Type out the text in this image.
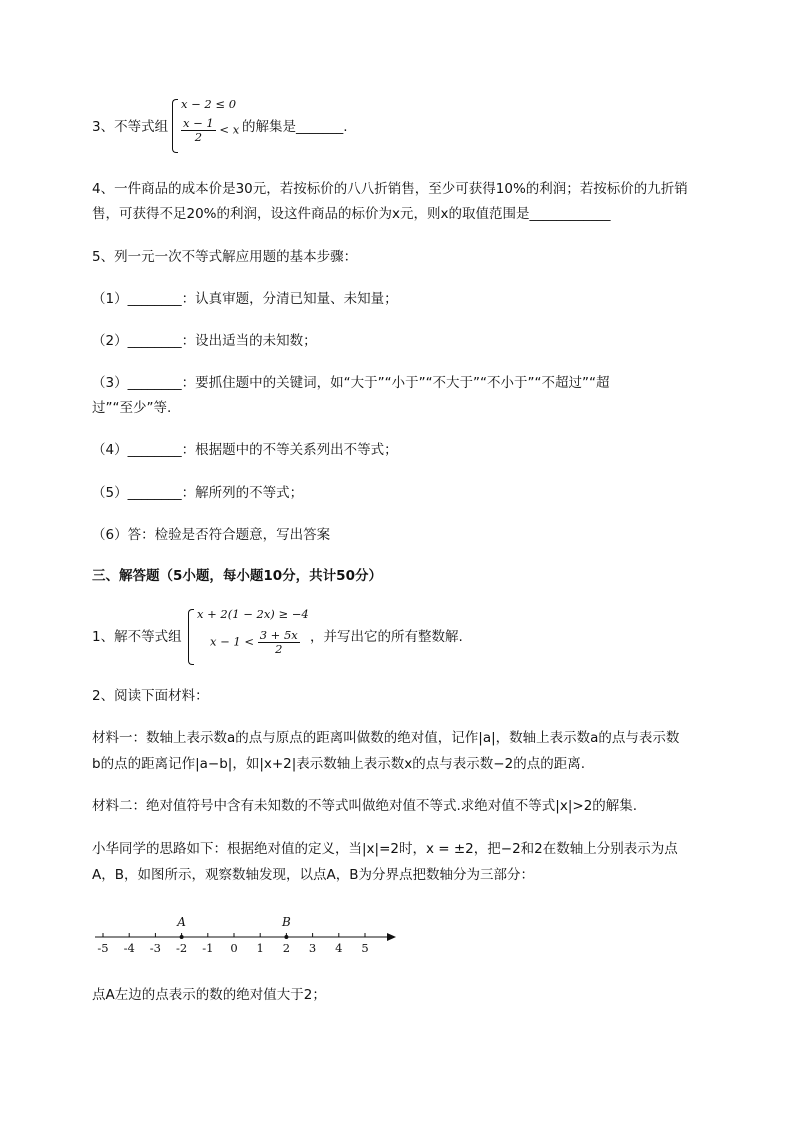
3、不等式组
x − 2 ≤ 0
$\frac{x - 1}{2} < x$ 的解集是_______.
4、一件商品的成本价是30元，若按标价的八八折销售，至少可获得10%的利润；若按标价的九折销
售，可获得不足20%的利润，设这件商品的标价为x元，则x的取值范围是____________
5、列一元一次不等式解应用题的基本步骤：
（1）________：认真审题，分清已知量、未知量；
（2）________：设出适当的未知数；
（3）________：要抓住题中的关键词，如“大于”“小于”“不大于”“不小于”“不超过”“超
过”“至少”等.
（4）________：根据题中的不等关系列出不等式；
（5）________：解所列的不等式；
（6）答：检验是否符合题意，写出答案
三、解答题（5小题，每小题10分，共计50分）
1、解不等式组
x + 2(1 − 2x) ≥ −4
$x - 1 < \frac{3 + 5x}{2}$ ，并写出它的所有整数解.
2、阅读下面材料：
材料一：数轴上表示数a的点与原点的距离叫做数的绝对值，记作|a|，数轴上表示数a的点与表示数
b的点的距离记作|a−b|，如|x+2|表示数轴上表示数x的点与表示数−2的点的距离.
材料二：绝对值符号中含有未知数的不等式叫做绝对值不等式.求绝对值不等式|x|>2的解集.
小华同学的思路如下：根据绝对值的定义，当|x|=2时，x = ±2，把−2和2在数轴上分别表示为点
A，B，如图所示，观察数轴发现，以点A，B为分界点把数轴分为三部分：
-5 -4 -3 -2 -1 0 1 2 3 4 5
A	B
点A左边的点表示的数的绝对值大于2；
